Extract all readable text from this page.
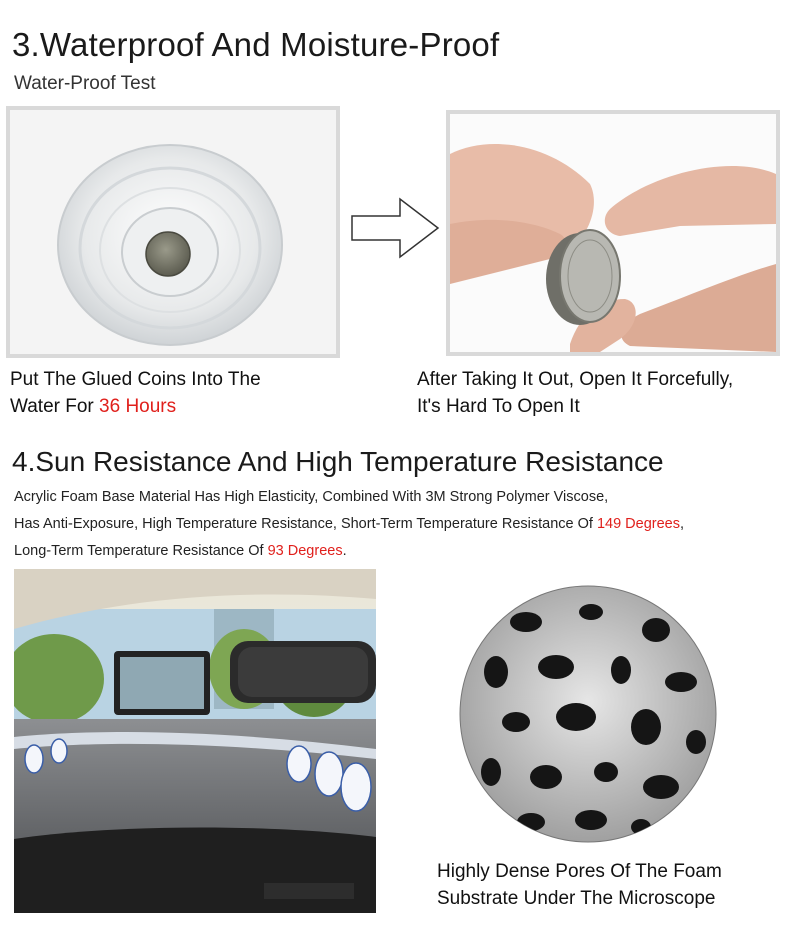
3.Waterproof And Moisture-Proof
Water-Proof Test
Put The Glued Coins Into The
Water For 36 Hours
After Taking It Out, Open It Forcefully,
It's Hard To Open It
4.Sun Resistance And High Temperature Resistance
Acrylic Foam Base Material Has High Elasticity, Combined With 3M Strong Polymer Viscose,
Has Anti-Exposure, High Temperature Resistance, Short-Term Temperature Resistance Of 149 Degrees,
Long-Term Temperature Resistance Of 93 Degrees.
Highly Dense Pores Of The Foam
Substrate Under The Microscope
